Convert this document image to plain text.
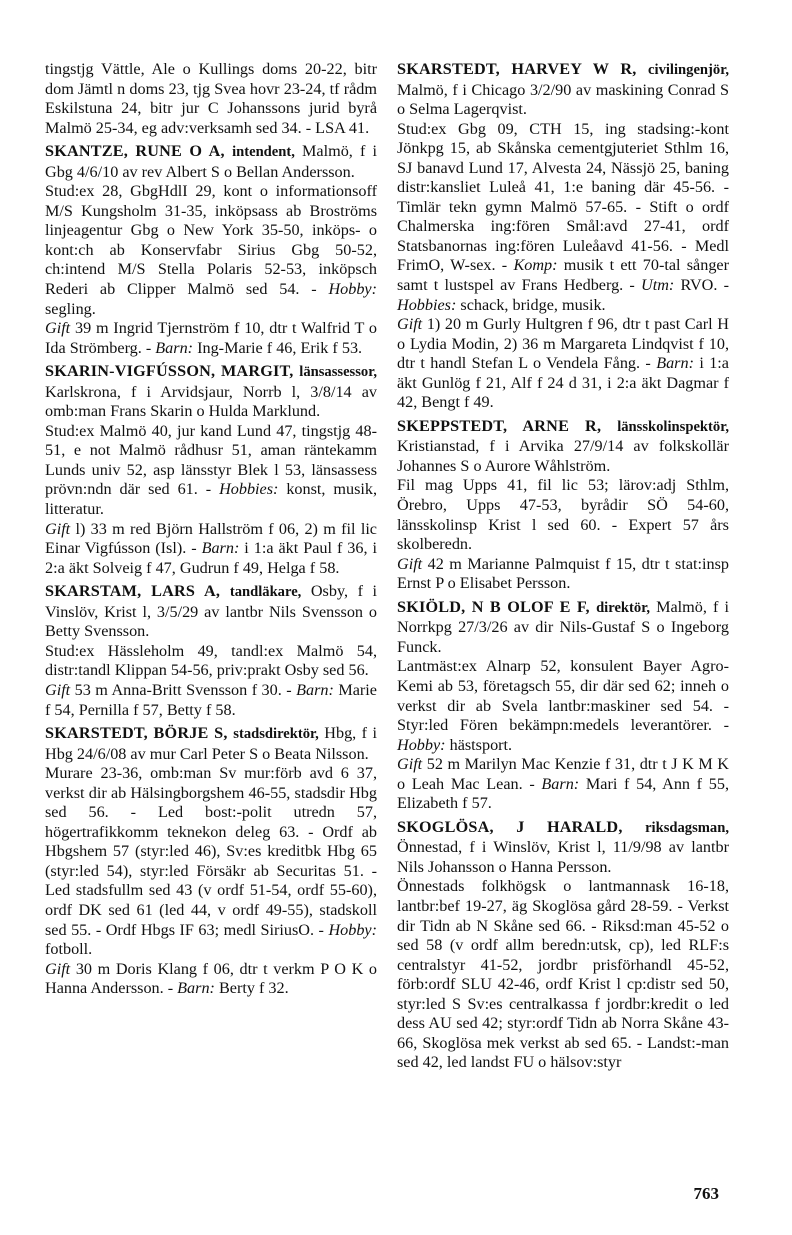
tingstjg Vättle, Ale o Kullings doms 20-22, bitr dom Jämtl n doms 23, tjg Svea hovr 23-24, tf rådm Eskilstuna 24, bitr jur C Johanssons jurid byrå Malmö 25-34, eg adv:verksamh sed 34. - LSA 41.

SKANTZE, RUNE O A, intendent, Malmö, f i Gbg 4/6/10 av rev Albert S o Bellan Andersson.

Stud:ex 28, GbgHdlI 29, kont o informationsoff M/S Kungsholm 31-35, inköpsass ab Broströms linjeagentur Gbg o New York 35-50, inköps- o kont:ch ab Konservfabr Sirius Gbg 50-52, ch:intend M/S Stella Polaris 52-53, inköpsch Rederi ab Clipper Malmö sed 54. - Hobby: segling.

Gift 39 m Ingrid Tjernström f 10, dtr t Walfrid T o Ida Strömberg. - Barn: Ing-Marie f 46, Erik f 53.

SKARIN-VIGFÚSSON, MARGIT, länsassessor, Karlskrona, f i Arvidsjaur, Norrb l, 3/8/14 av omb:man Frans Skarin o Hulda Marklund.

Stud:ex Malmö 40, jur kand Lund 47, tingstjg 48-51, e not Malmö rådhusr 51, aman räntekamm Lunds univ 52, asp länsstyr Blek l 53, länsassess prövn:ndn där sed 61. - Hobbies: konst, musik, litteratur.

Gift l) 33 m red Björn Hallström f 06, 2) m fil lic Einar Vigfússon (Isl). - Barn: i 1:a äkt Paul f 36, i 2:a äkt Solveig f 47, Gudrun f 49, Helga f 58.

SKARSTAM, LARS A, tandläkare, Osby, f i Vinslöv, Krist l, 3/5/29 av lantbr Nils Svensson o Betty Svensson.

Stud:ex Hässleholm 49, tandl:ex Malmö 54, distr:tandl Klippan 54-56, priv:prakt Osby sed 56.

Gift 53 m Anna-Britt Svensson f 30. - Barn: Marie f 54, Pernilla f 57, Betty f 58.

SKARSTEDT, BÖRJE S, stadsdirektör, Hbg, f i Hbg 24/6/08 av mur Carl Peter S o Beata Nilsson.

Murare 23-36, omb:man Sv mur:förb avd 6 37, verkst dir ab Hälsingborgshem 46-55, stadsdir Hbg sed 56. - Led bost:-polit utredn 57, högertrafikkomm teknekon deleg 63. - Ordf ab Hbgshem 57 (styr:led 46), Sv:es kreditbk Hbg 65 (styr:led 54), styr:led Försäkr ab Securitas 51. - Led stadsfullm sed 43 (v ordf 51-54, ordf 55-60), ordf DK sed 61 (led 44, v ordf 49-55), stadskoll sed 55. - Ordf Hbgs IF 63; medl SiriusO. - Hobby: fotboll.

Gift 30 m Doris Klang f 06, dtr t verkm P O K o Hanna Andersson. - Barn: Berty f 32.

SKARSTEDT, HARVEY W R, civilingenjör, Malmö, f i Chicago 3/2/90 av maskining Conrad S o Selma Lagerqvist.

Stud:ex Gbg 09, CTH 15, ing stadsing:-kont Jönkpg 15, ab Skånska cementgjuteriet Sthlm 16, SJ banavd Lund 17, Alvesta 24, Nässjö 25, baning distr:kansliet Luleå 41, 1:e baning där 45-56. - Timlär tekn gymn Malmö 57-65. - Stift o ordf Chalmerska ing:fören Smål:avd 27-41, ordf Statsbanornas ing:fören Luleåavd 41-56. - Medl FrimO, W-sex. - Komp: musik t ett 70-tal sånger samt t lustspel av Frans Hedberg. - Utm: RVO. - Hobbies: schack, bridge, musik.

Gift 1) 20 m Gurly Hultgren f 96, dtr t past Carl H o Lydia Modin, 2) 36 m Margareta Lindqvist f 10, dtr t handl Stefan L o Vendela Fång. - Barn: i 1:a äkt Gunlög f 21, Alf f 24 d 31, i 2:a äkt Dagmar f 42, Bengt f 49.

SKEPPSTEDT, ARNE R, länsskolinspektör, Kristianstad, f i Arvika 27/9/14 av folkskollär Johannes S o Aurore Wåhlström.

Fil mag Upps 41, fil lic 53; lärov:adj Sthlm, Örebro, Upps 47-53, byrådir SÖ 54-60, länsskolinsp Krist l sed 60. - Expert 57 års skolberedn.

Gift 42 m Marianne Palmquist f 15, dtr t stat:insp Ernst P o Elisabet Persson.

SKIÖLD, N B OLOF E F, direktör, Malmö, f i Norrkpg 27/3/26 av dir Nils-Gustaf S o Ingeborg Funck.

Lantmäst:ex Alnarp 52, konsulent Bayer Agro-Kemi ab 53, företagsch 55, dir där sed 62; inneh o verkst dir ab Svela lantbr:maskiner sed 54. - Styr:led Fören bekämpn:medels leverantörer. - Hobby: hästsport.

Gift 52 m Marilyn Mac Kenzie f 31, dtr t J K M K o Leah Mac Lean. - Barn: Mari f 54, Ann f 55, Elizabeth f 57.

SKOGLÖSA, J HARALD, riksdagsman, Önnestad, f i Winslöv, Krist l, 11/9/98 av lantbr Nils Johansson o Hanna Persson.

Önnestads folkhögsk o lantmannask 16-18, lantbr:bef 19-27, äg Skoglösa gård 28-59. - Verkst dir Tidn ab N Skåne sed 66. - Riksd:man 45-52 o sed 58 (v ordf allm beredn:utsk, cp), led RLF:s centralstyr 41-52, jordbr prisförhandl 45-52, förb:ordf SLU 42-46, ordf Krist l cp:distr sed 50, styr:led S Sv:es centralkassa f jordbr:kredit o led dess AU sed 42; styr:ordf Tidn ab Norra Skåne 43-66, Skoglösa mek verkst ab sed 65. - Landst:-man sed 42, led landst FU o hälsov:styr

763
